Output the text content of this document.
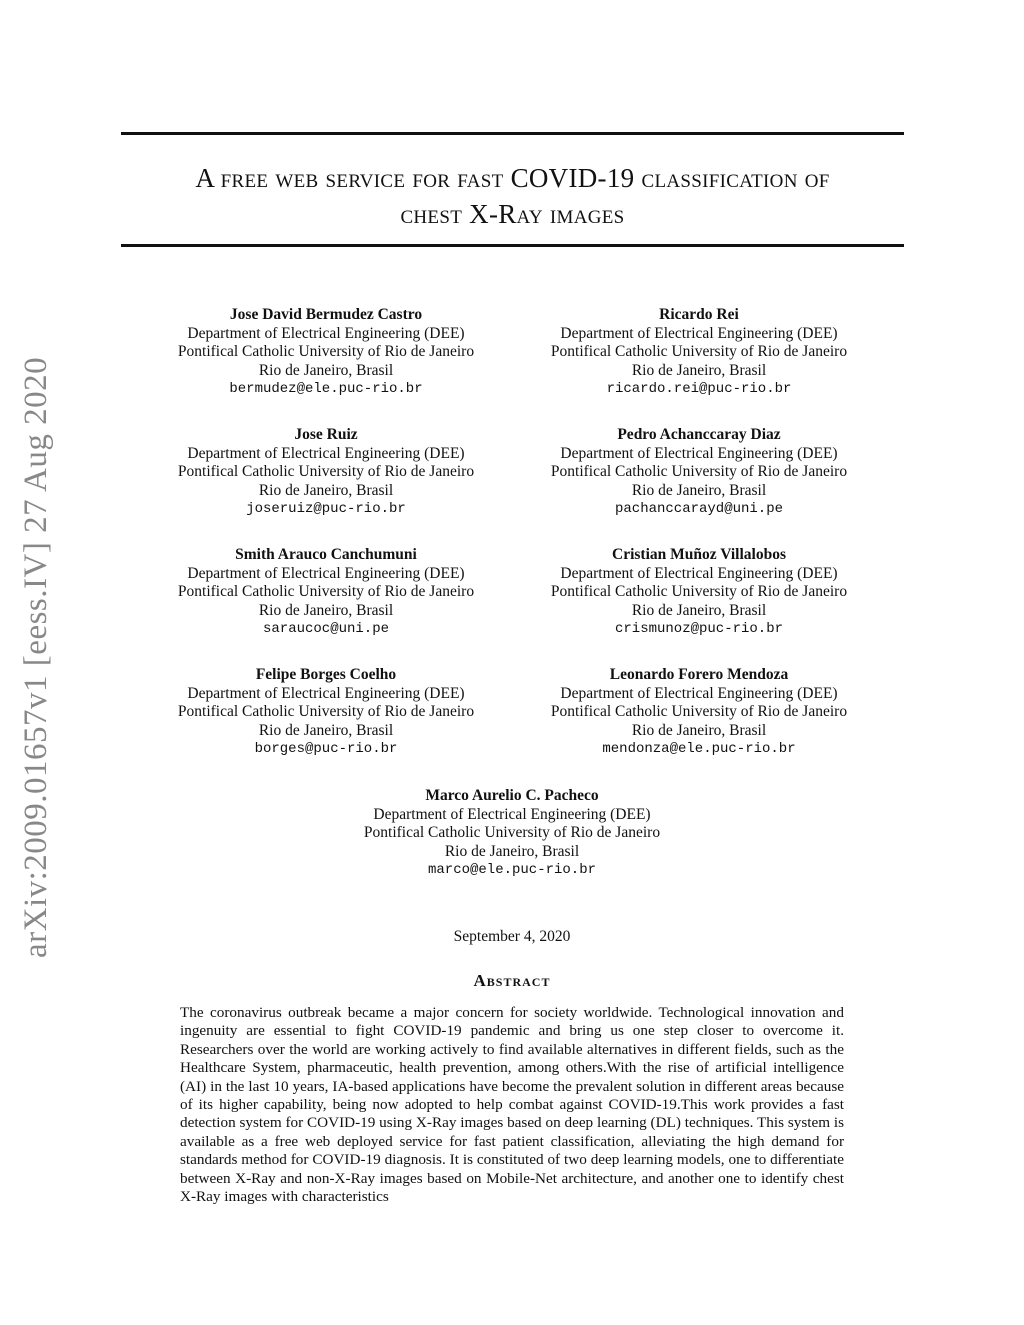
arXiv:2009.01657v1 [eess.IV] 27 Aug 2020
A free web service for fast COVID-19 classification of
chest X-Ray images
Jose David Bermudez Castro
Department of Electrical Engineering (DEE)
Pontifical Catholic University of Rio de Janeiro
Rio de Janeiro, Brasil
bermudez@ele.puc-rio.br
Ricardo Rei
Department of Electrical Engineering (DEE)
Pontifical Catholic University of Rio de Janeiro
Rio de Janeiro, Brasil
ricardo.rei@puc-rio.br
Jose Ruiz
Department of Electrical Engineering (DEE)
Pontifical Catholic University of Rio de Janeiro
Rio de Janeiro, Brasil
joseruiz@puc-rio.br
Pedro Achanccaray Diaz
Department of Electrical Engineering (DEE)
Pontifical Catholic University of Rio de Janeiro
Rio de Janeiro, Brasil
pachanccarayd@uni.pe
Smith Arauco Canchumuni
Department of Electrical Engineering (DEE)
Pontifical Catholic University of Rio de Janeiro
Rio de Janeiro, Brasil
saraucoc@uni.pe
Cristian Muñoz Villalobos
Department of Electrical Engineering (DEE)
Pontifical Catholic University of Rio de Janeiro
Rio de Janeiro, Brasil
crismunoz@puc-rio.br
Felipe Borges Coelho
Department of Electrical Engineering (DEE)
Pontifical Catholic University of Rio de Janeiro
Rio de Janeiro, Brasil
borges@puc-rio.br
Leonardo Forero Mendoza
Department of Electrical Engineering (DEE)
Pontifical Catholic University of Rio de Janeiro
Rio de Janeiro, Brasil
mendonza@ele.puc-rio.br
Marco Aurelio C. Pacheco
Department of Electrical Engineering (DEE)
Pontifical Catholic University of Rio de Janeiro
Rio de Janeiro, Brasil
marco@ele.puc-rio.br
September 4, 2020
Abstract
The coronavirus outbreak became a major concern for society worldwide. Technological innovation and ingenuity are essential to fight COVID-19 pandemic and bring us one step closer to overcome it. Researchers over the world are working actively to find available alternatives in different fields, such as the Healthcare System, pharmaceutic, health prevention, among others.With the rise of artificial intelligence (AI) in the last 10 years, IA-based applications have become the prevalent solution in different areas because of its higher capability, being now adopted to help combat against COVID-19.This work provides a fast detection system for COVID-19 using X-Ray images based on deep learning (DL) techniques. This system is available as a free web deployed service for fast patient classification, alleviating the high demand for standards method for COVID-19 diagnosis. It is constituted of two deep learning models, one to differentiate between X-Ray and non-X-Ray images based on Mobile-Net architecture, and another one to identify chest X-Ray images with characteristics
